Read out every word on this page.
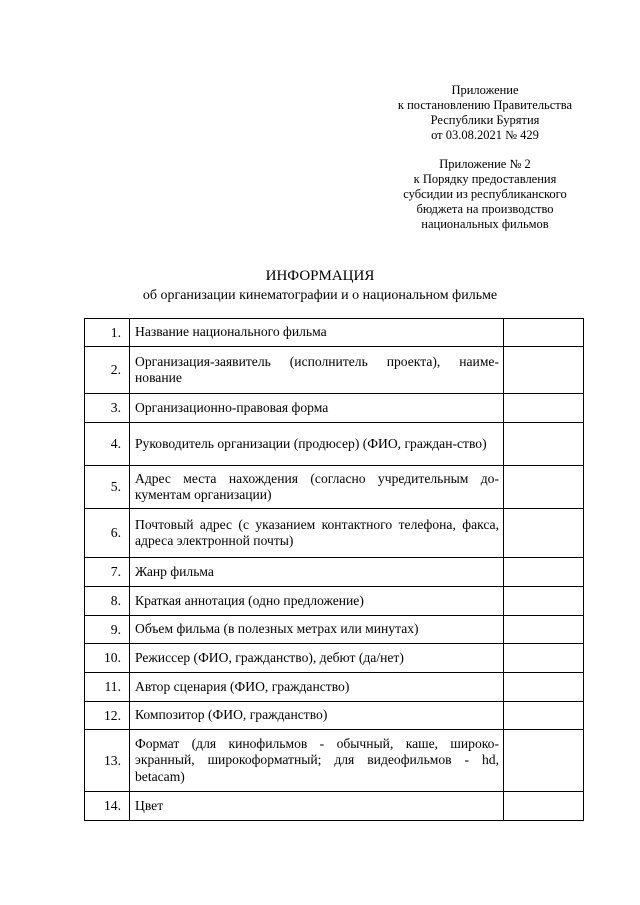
Приложение
к постановлению Правительства
Республики Бурятия
от 03.08.2021 № 429
Приложение № 2
к Порядку предоставления
субсидии из республиканского
бюджета на производство
национальных фильмов
ИНФОРМАЦИЯ
об организации кинематографии и о национальном фильме
1.	Название национального фильма	
2.	Организация-заявитель (исполнитель проекта), наиме-нование	
3.	Организационно-правовая форма	
4.	Руководитель организации (продюсер) (ФИО, граждан-ство)	
5.	Адрес места нахождения (согласно учредительным до-кументам организации)	
6.	Почтовый адрес (с указанием контактного телефона, факса, адреса электронной почты)	
7.	Жанр фильма	
8.	Краткая аннотация (одно предложение)	
9.	Объем фильма (в полезных метрах или минутах)	
10.	Режиссер (ФИО, гражданство), дебют (да/нет)	
11.	Автор сценария (ФИО, гражданство)	
12.	Композитор (ФИО, гражданство)	
13.	Формат (для кинофильмов - обычный, каше, широко-экранный, широкоформатный; для видеофильмов - hd, betacam)	
14.	Цвет	
